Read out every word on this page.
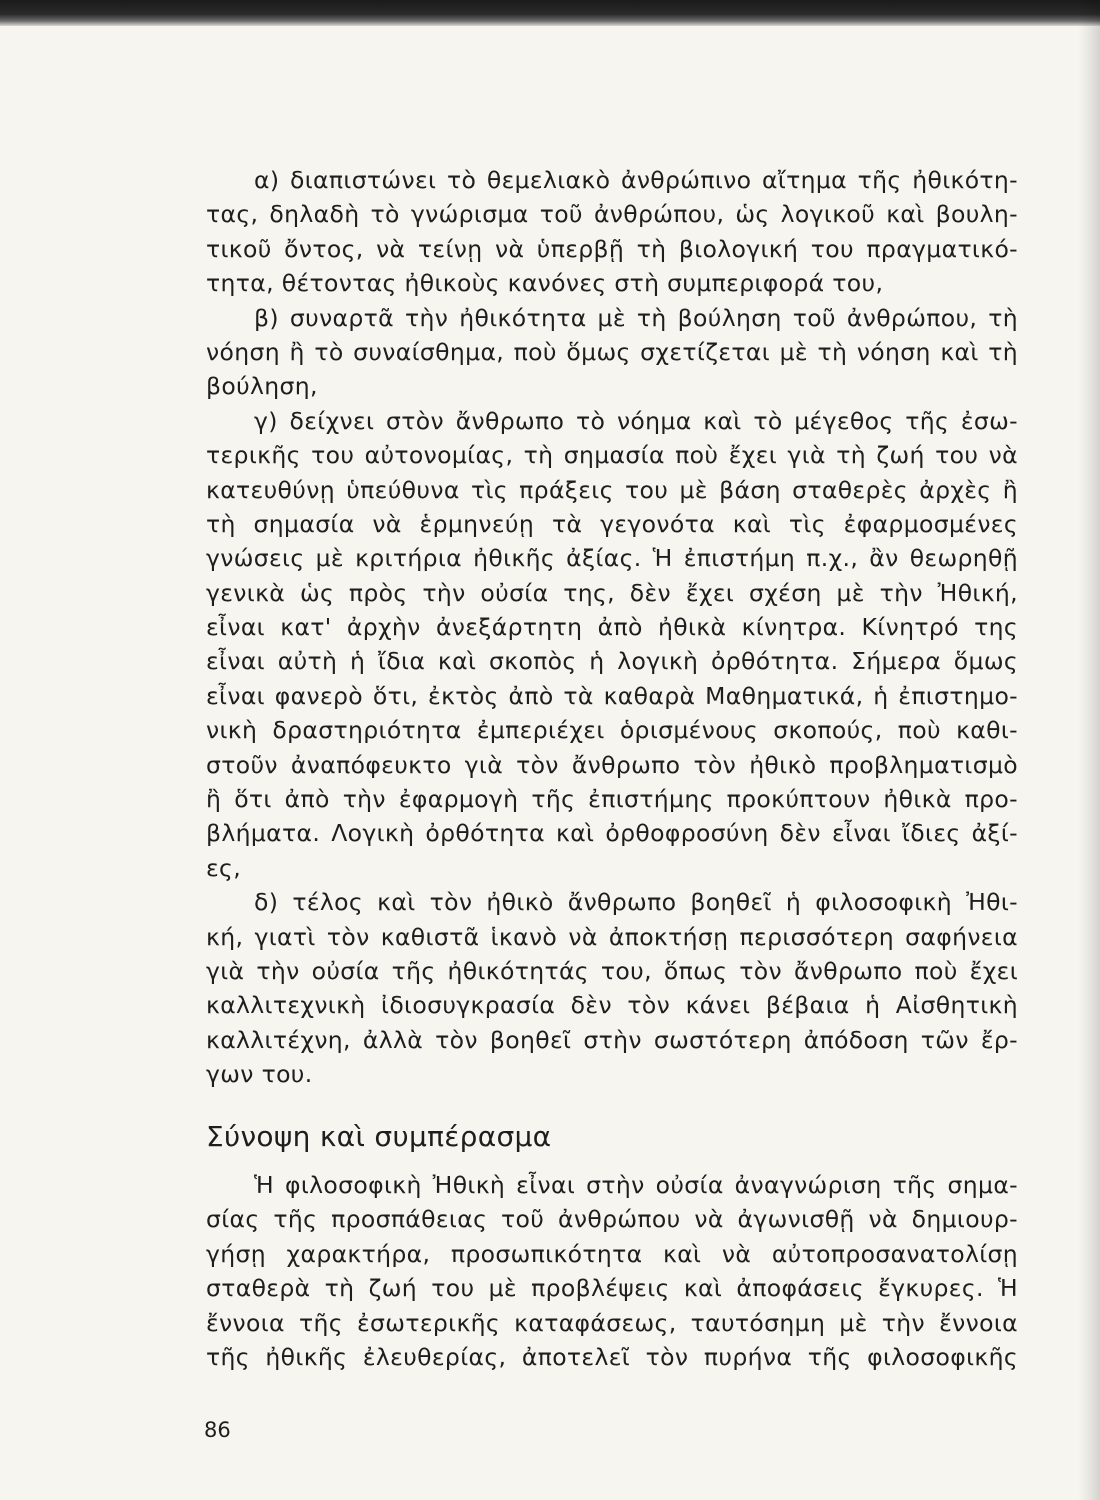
α) διαπιστώνει τὸ θεμελιακὸ ἀνθρώπινο αἴτημα τῆς ἠθικότη-
τας, δηλαδὴ τὸ γνώρισμα τοῦ ἀνθρώπου, ὡς λογικοῦ καὶ βουλη-
τικοῦ ὄντος, νὰ τείνῃ νὰ ὑπερβῇ τὴ βιολογική του πραγματικό-
τητα, θέτοντας ἠθικοὺς κανόνες στὴ συμπεριφορά του,
β) συναρτᾶ τὴν ἠθικότητα μὲ τὴ βούληση τοῦ ἀνθρώπου, τὴ
νόηση ἢ τὸ συναίσθημα, ποὺ ὅμως σχετίζεται μὲ τὴ νόηση καὶ τὴ
βούληση,
γ) δείχνει στὸν ἄνθρωπο τὸ νόημα καὶ τὸ μέγεθος τῆς ἐσω-
τερικῆς του αὐτονομίας, τὴ σημασία ποὺ ἔχει γιὰ τὴ ζωή του νὰ
κατευθύνῃ ὑπεύθυνα τὶς πράξεις του μὲ βάση σταθερὲς ἀρχὲς ἢ
τὴ σημασία νὰ ἑρμηνεύῃ τὰ γεγονότα καὶ τὶς ἐφαρμοσμένες
γνώσεις μὲ κριτήρια ἠθικῆς ἀξίας. Ἡ ἐπιστήμη π.χ., ἂν θεωρηθῇ
γενικὰ ὡς πρὸς τὴν οὐσία της, δὲν ἔχει σχέση μὲ τὴν Ἠθική,
εἶναι κατ' ἀρχὴν ἀνεξάρτητη ἀπὸ ἠθικὰ κίνητρα. Κίνητρό της
εἶναι αὐτὴ ἡ ἴδια καὶ σκοπὸς ἡ λογικὴ ὀρθότητα. Σήμερα ὅμως
εἶναι φανερὸ ὅτι, ἐκτὸς ἀπὸ τὰ καθαρὰ Μαθηματικά, ἡ ἐπιστημο-
νικὴ δραστηριότητα ἐμπεριέχει ὁρισμένους σκοπούς, ποὺ καθι-
στοῦν ἀναπόφευκτο γιὰ τὸν ἄνθρωπο τὸν ἠθικὸ προβληματισμὸ
ἢ ὅτι ἀπὸ τὴν ἐφαρμογὴ τῆς ἐπιστήμης προκύπτουν ἠθικὰ προ-
βλήματα. Λογικὴ ὀρθότητα καὶ ὀρθοφροσύνη δὲν εἶναι ἴδιες ἀξί-
ες,
δ) τέλος καὶ τὸν ἠθικὸ ἄνθρωπο βοηθεῖ ἡ φιλοσοφικὴ Ἠθι-
κή, γιατὶ τὸν καθιστᾶ ἱκανὸ νὰ ἀποκτήσῃ περισσότερη σαφήνεια
γιὰ τὴν οὐσία τῆς ἠθικότητάς του, ὅπως τὸν ἄνθρωπο ποὺ ἔχει
καλλιτεχνικὴ ἰδιοσυγκρασία δὲν τὸν κάνει βέβαια ἡ Αἰσθητικὴ
καλλιτέχνη, ἀλλὰ τὸν βοηθεῖ στὴν σωστότερη ἀπόδοση τῶν ἔρ-
γων του.
Σύνοψη καὶ συμπέρασμα
Ἡ φιλοσοφικὴ Ἠθικὴ εἶναι στὴν οὐσία ἀναγνώριση τῆς σημα-
σίας τῆς προσπάθειας τοῦ ἀνθρώπου νὰ ἀγωνισθῇ νὰ δημιουρ-
γήσῃ χαρακτήρα, προσωπικότητα καὶ νὰ αὐτοπροσανατολίσῃ
σταθερὰ τὴ ζωή του μὲ προβλέψεις καὶ ἀποφάσεις ἔγκυρες. Ἡ
ἔννοια τῆς ἐσωτερικῆς καταφάσεως, ταυτόσημη μὲ τὴν ἔννοια
τῆς ἠθικῆς ἐλευθερίας, ἀποτελεῖ τὸν πυρήνα τῆς φιλοσοφικῆς
86
